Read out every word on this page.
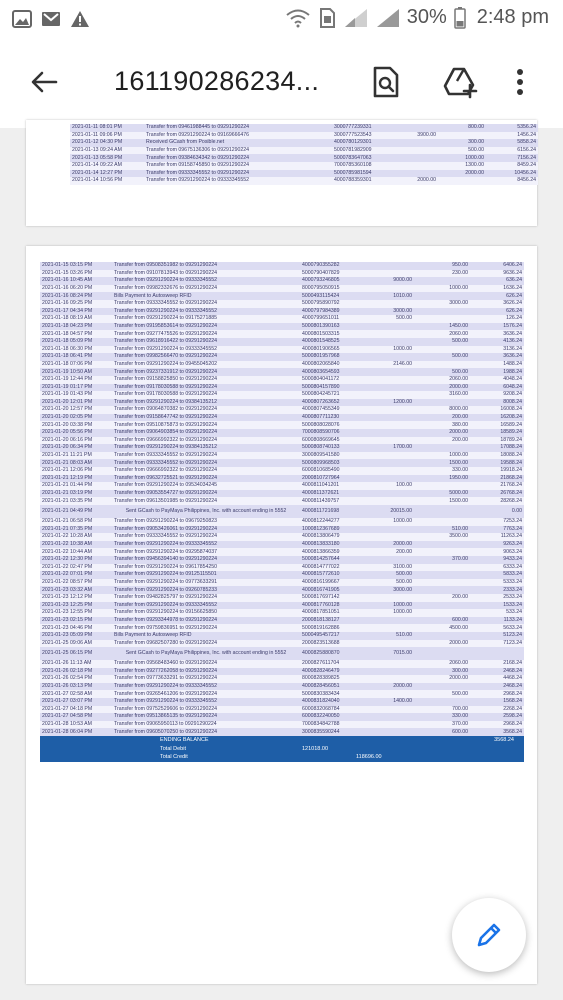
30% 2:48 pm
161190286234...
2021-01-11 08:01 PM	Transfer from 09461988445 to 09291290224		3000777239331		800.00	5356.24
2021-01-11 09:06 PM	Transfer from 09291290224 to 09169666476		3000777523543	3900.00		1456.24
2021-01-12 04:30 PM	Received GCash from Posible.net		4000780129301		300.00	5858.24
2021-01-13 09:24 AM	Transfer from 09675136306 to 09291290224		5000781982909		500.00	6156.24
2021-01-13 05:58 PM	Transfer from 09384634342 to 09291290224		5000783647063		1000.00	7156.24
2021-01-14 09:22 AM	Transfer from 09158745850 to 09291290224		7000785360108		1300.00	8459.24
2021-01-14 12:27 PM	Transfer from 09333345552 to 09291290224		5000785981594		2000.00	10456.24
2021-01-14 10:56 PM	Transfer from 09291290224 to 09333345552		4000788359301	2000.00		8456.24
2021-01-15 03:15 PM	Transfer from 09508351982 to 09291290224		4000790355282		950.00	6406.24
2021-01-15 03:26 PM	Transfer from 09107813943 to 09291290224		5000790407829		230.00	9636.24
2021-01-16 10:45 AM	Transfer from 09291290224 to 09333345552		4000793246805	9000.00		636.24
2021-01-16 06:20 PM	Transfer from 09982332676 to 09291290224		8000795050915		1000.00	1636.24
2021-01-16 08:24 PM	Bills Payment to Autosweep RFID		5000493115424	1010.00		626.24
2021-01-16 09:25 PM	Transfer from 09333345552 to 09291290224		5000795890792		3000.00	3626.24
2021-01-17 04:34 PM	Transfer from 09291290224 to 09333345552		4000797984389	3000.00		626.24
2021-01-18 08:19 AM	Transfer from 09291290224 to 09175271885		4000799651011	500.00		126.24
2021-01-18 04:23 PM	Transfer from 09195853614 to 09291290224		5000801390163		1450.00	1576.24
2021-01-18 04:57 PM	Transfer from 09277475526 to 09291290224		4000801503315		2060.00	3636.24
2021-01-18 05:09 PM	Transfer from 09618916422 to 09291290224		4000801548525		500.00	4136.24
2021-01-18 06:30 PM	Transfer from 09291290224 to 09333345552		4000801906565	1000.00		3136.24
2021-01-18 06:41 PM	Transfer from 09982566470 to 09291290224		5000801957968		500.00	3636.24
2021-01-18 07:06 PM	Transfer from 09291290224 to 09455045202		4000802065840	2146.00		1488.24
2021-01-19 10:50 AM	Transfer from 09237331912 to 09291290224		4000803654593		500.00	1988.24
2021-01-19 12:44 PM	Transfer from 09158825850 to 09291290224		5000804041172		2060.00	4048.24
2021-01-19 01:17 PM	Transfer from 09178030588 to 09291290224		5000804157890		2000.00	6048.24
2021-01-19 01:43 PM	Transfer from 09178030588 to 09291290224		5000804245721		3160.00	9208.24
2021-01-20 12:01 PM	Transfer from 09291290224 to 09384135212		4000807263652	1200.00		8008.24
2021-01-20 12:57 PM	Transfer from 09064870382 to 09291290224		4000807455349		8000.00	16008.24
2021-01-20 02:05 PM	Transfer from 09158647742 to 09291290224		4000807711230		200.00	16208.24
2021-01-20 03:38 PM	Transfer from 09510875873 to 09291290224		5000808028076		380.00	16589.24
2021-01-20 05:56 PM	Transfer from 09064903854 to 09291290224		7000808590706		2000.00	18589.24
2021-01-20 06:16 PM	Transfer from 09666992322 to 09291290224		6000808669645		200.00	18789.24
2021-01-20 06:34 PM	Transfer from 09291290224 to 09384135212		5000808740133	1700.00		17088.24
2021-01-21 11:21 PM	Transfer from 09333345552 to 09291290224		3000809541580		1000.00	18088.24
2021-01-21 08:03 AM	Transfer from 09333345552 to 09291290224		5000809968503		1500.00	19588.24
2021-01-21 12:06 PM	Transfer from 09666992322 to 09291290224		6000810685490		330.00	19918.24
2021-01-21 12:19 PM	Transfer from 09632725521 to 09291290224		2000810727964		1950.00	21868.24
2021-01-21 01:44 PM	Transfer from 09291290224 to 09534034245		4000811041201	100.00		21768.24
2021-01-21 03:19 PM	Transfer from 09053554727 to 09291290224		4000811372621		5000.00	26768.24
2021-01-21 03:35 PM	Transfer from 09613501985 to 09291290224		4000811439757		1500.00	28268.24
2021-01-21 04:49 PM	Sent GCash to PayMaya Philippines, Inc. with account ending in 5552		4000811721698	20015.00		0.00
2021-01-21 06:58 PM	Transfer from 09291290224 to 09679250823		4000812244277	1000.00		7253.24
2021-01-21 07:35 PM	Transfer from 09053426061 to 09291290224		1000812367689		510.00	7763.24
2021-01-22 10:28 AM	Transfer from 09333345552 to 09291290224		4000813806479		3500.00	11263.24
2021-01-22 10:38 AM	Transfer from 09291290224 to 09333345552		4000813833180	2000.00		9263.24
2021-01-22 10:44 AM	Transfer from 09291290224 to 09295874037		4000813866359	200.00		9063.24
2021-01-22 12:30 PM	Transfer from 09456394140 to 09291290224		5000814257644		370.00	9433.24
2021-01-22 02:47 PM	Transfer from 09291290224 to 09617854250		4000814777022	3100.00		6333.24
2021-01-22 07:01 PM	Transfer from 09291290224 to 09125115501		4000815772610	500.00		5833.24
2021-01-22 08:57 PM	Transfer from 09291290224 to 09773633291		4000816199667	500.00		5333.24
2021-01-23 03:32 AM	Transfer from 09291290224 to 09260785233		4000816741905	3000.00		2333.24
2021-01-23 12:12 PM	Transfer from 09482825797 to 09291290224		5000817697142		200.00	2533.24
2021-01-23 12:25 PM	Transfer from 09291290224 to 09333345552		4000817760128	1000.00		1533.24
2021-01-23 12:55 PM	Transfer from 09291290224 to 09156625850		4000817851051	1000.00		533.24
2021-01-23 02:15 PM	Transfer from 09293344978 to 09291290224		2000818138127		600.00	1133.24
2021-01-23 04:46 PM	Transfer from 09759836951 to 09291290224		5000819162886		4500.00	5633.24
2021-01-23 05:09 PM	Bills Payment to Autosweep RFID		5000495457217	510.00		5123.24
2021-01-25 09:06 AM	Transfer from 09682507280 to 09291290224		2000823513688		2000.00	7123.24
2021-01-25 06:15 PM	Sent GCash to PayMaya Philippines, Inc. with account ending in 5552		4000825880870	7015.00		
2021-01-26 11:13 AM	Transfer from 09568483460 to 09291290224		2000827611704		2060.00	2168.24
2021-01-26 02:18 PM	Transfer from 09277262058 to 09291290224		4000828246479		300.00	2468.24
2021-01-26 02:54 PM	Transfer from 09773633291 to 09291290224		8000828389825		2000.00	4468.24
2021-01-26 03:13 PM	Transfer from 09291290224 to 09333345552		4000828456051	2000.00		2468.24
2021-01-27 02:58 AM	Transfer from 09265461206 to 09291290224		5000830383434		500.00	2968.24
2021-01-27 03:07 PM	Transfer from 09291290224 to 09333345552		4000831824040	1400.00		1568.24
2021-01-27 04:18 PM	Transfer from 09752529606 to 09291290224		6000832068784		700.00	2268.24
2021-01-27 04:58 PM	Transfer from 09513865135 to 09291290224		6000832240050		330.00	2598.24
2021-01-28 10:53 AM	Transfer from 09065950113 to 09291290224		7000834842788		370.00	2968.24
2021-01-28 06:04 PM	Transfer from 09605070250 to 09291290224		3000835590244		600.00	3568.24
ENDING BALANCE	3568.24
Total Debit	121018.00
Total Credit	118696.00
